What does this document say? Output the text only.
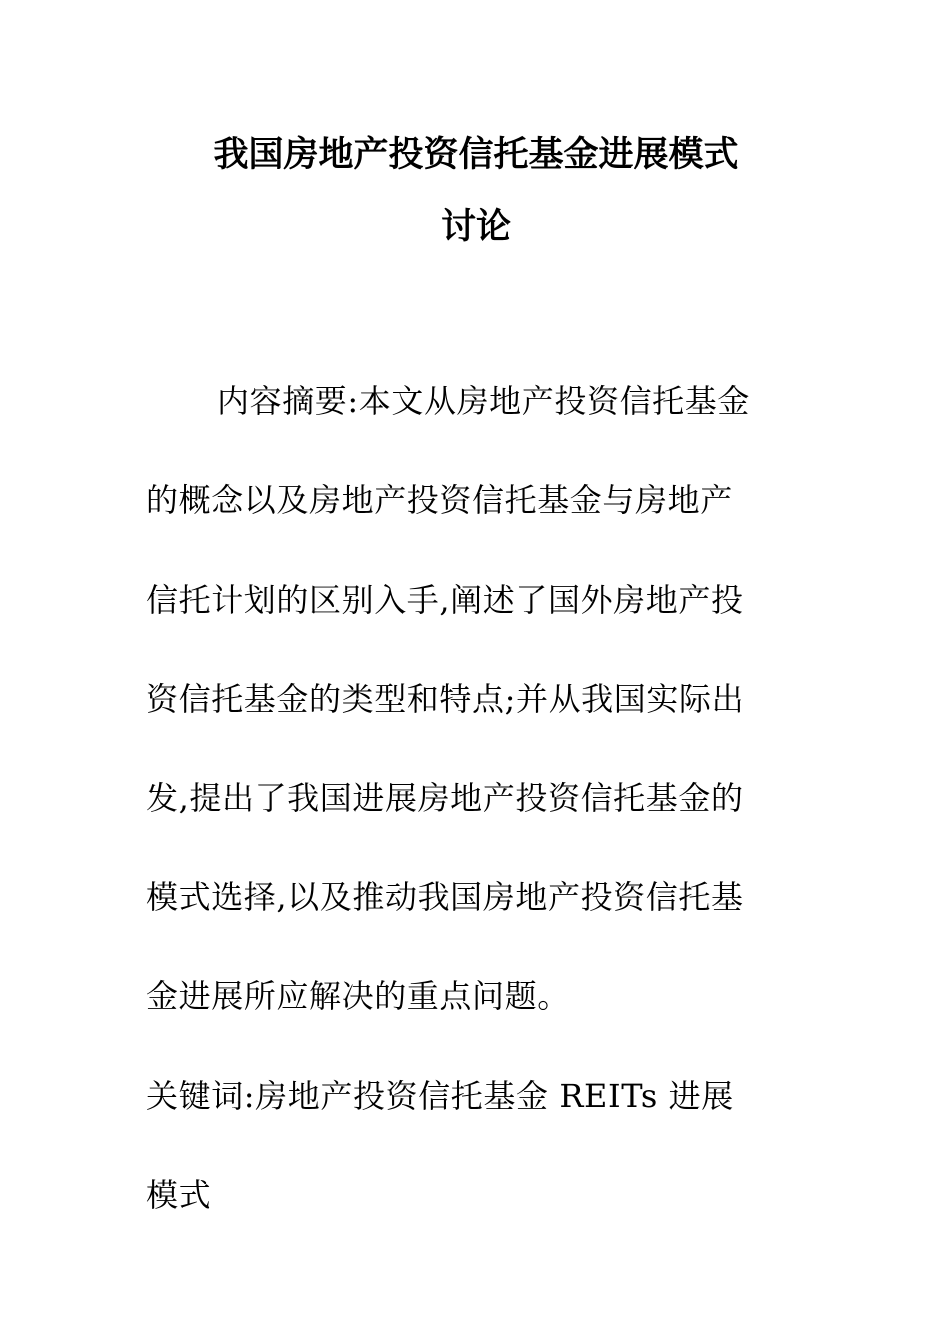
我国房地产投资信托基金进展模式
讨论
内容摘要:本文从房地产投资信托基金
的概念以及房地产投资信托基金与房地产
信托计划的区别入手,阐述了国外房地产投
资信托基金的类型和特点;并从我国实际出
发,提出了我国进展房地产投资信托基金的
模式选择,以及推动我国房地产投资信托基
金进展所应解决的重点问题。
关键词:房地产投资信托基金 REITs 进展
模式
